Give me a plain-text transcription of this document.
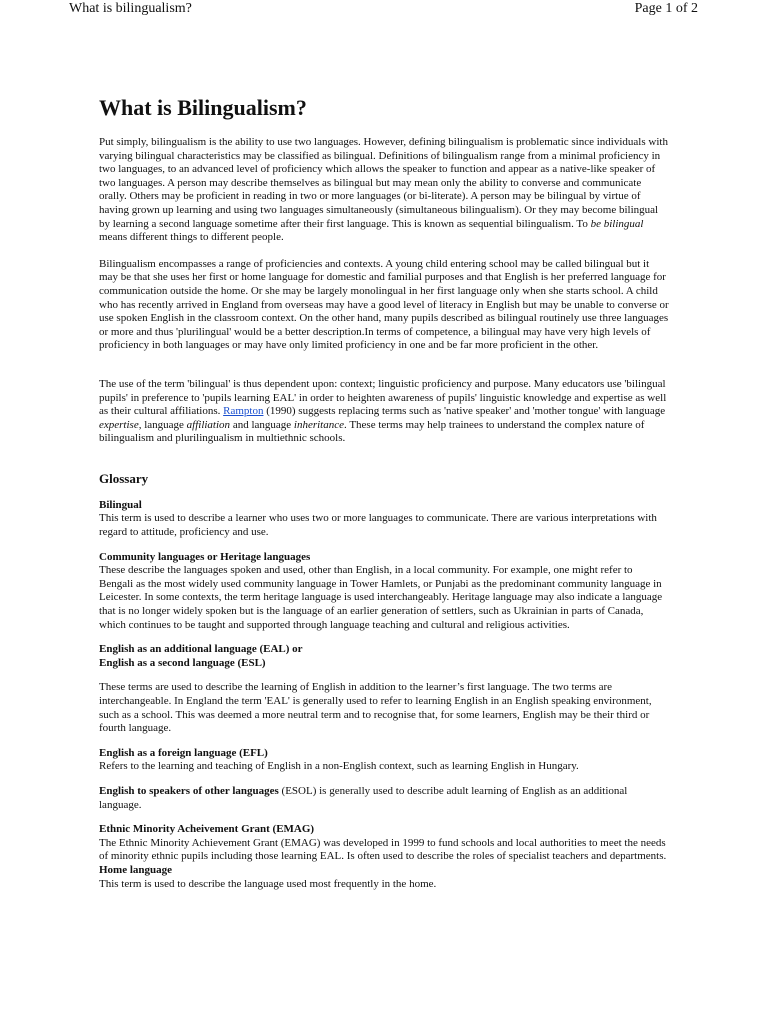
What is bilingualism?	Page 1 of 2
What is Bilingualism?

Put simply, bilingualism is the ability to use two languages. However, defining bilingualism is problematic since individuals with varying bilingual characteristics may be classified as bilingual. Definitions of bilingualism range from a minimal proficiency in two languages, to an advanced level of proficiency which allows the speaker to function and appear as a native-like speaker of two languages. A person may describe themselves as bilingual but may mean only the ability to converse and communicate orally. Others may be proficient in reading in two or more languages (or bi-literate). A person may be bilingual by virtue of having grown up learning and using two languages simultaneously (simultaneous bilingualism). Or they may become bilingual by learning a second language sometime after their first language. This is known as sequential bilingualism. To be bilingual means different things to different people.

Bilingualism encompasses a range of proficiencies and contexts. A young child entering school may be called bilingual but it may be that she uses her first or home language for domestic and familial purposes and that English is her preferred language for communication outside the home. Or she may be largely monolingual in her first language only when she starts school. A child who has recently arrived in England from overseas may have a good level of literacy in English but may be unable to converse or use spoken English in the classroom context. On the other hand, many pupils described as bilingual routinely use three languages or more and thus 'plurilingual' would be a better description.In terms of competence, a bilingual may have very high levels of proficiency in both languages or may have only limited proficiency in one and be far more proficient in the other.

The use of the term 'bilingual' is thus dependent upon: context; linguistic proficiency and purpose. Many educators use 'bilingual pupils' in preference to 'pupils learning EAL' in order to heighten awareness of pupils' linguistic knowledge and expertise as well as their cultural affiliations. Rampton (1990) suggests replacing terms such as 'native speaker' and 'mother tongue' with language expertise, language affiliation and language inheritance. These terms may help trainees to understand the complex nature of bilingualism and plurilingualism in multiethnic schools.

Glossary
Bilingual

This term is used to describe a learner who uses two or more languages to communicate. There are various interpretations with regard to attitude, proficiency and use.

Community languages or Heritage languages

These describe the languages spoken and used, other than English, in a local community. For example, one might refer to Bengali as the most widely used community language in Tower Hamlets, or Punjabi as the predominant community language in Leicester. In some contexts, the term heritage language is used interchangeably. Heritage language may also indicate a language that is no longer widely spoken but is the language of an earlier generation of settlers, such as Ukrainian in parts of Canada, which continues to be taught and supported through language teaching and cultural and religious activities.

English as an additional language (EAL) or
English as a second language (ESL)

These terms are used to describe the learning of English in addition to the learner’s first language. The two terms are interchangeable. In England the term 'EAL' is generally used to refer to learning English in an English speaking environment, such as a school. This was deemed a more neutral term and to recognise that, for some learners, English may be their third or fourth language.

English as a foreign language (EFL)

Refers to the learning and teaching of English in a non-English context, such as learning English in Hungary.

English to speakers of other languages (ESOL) is generally used to describe adult learning of English as an additional language.

Ethnic Minority Acheivement Grant (EMAG)

The Ethnic Minority Achievement Grant (EMAG) was developed in 1999 to fund schools and local authorities to meet the needs of minority ethnic pupils including those learning EAL. Is often used to describe the roles of specialist teachers and departments.

Home language

This term is used to describe the language used most frequently in the home.
